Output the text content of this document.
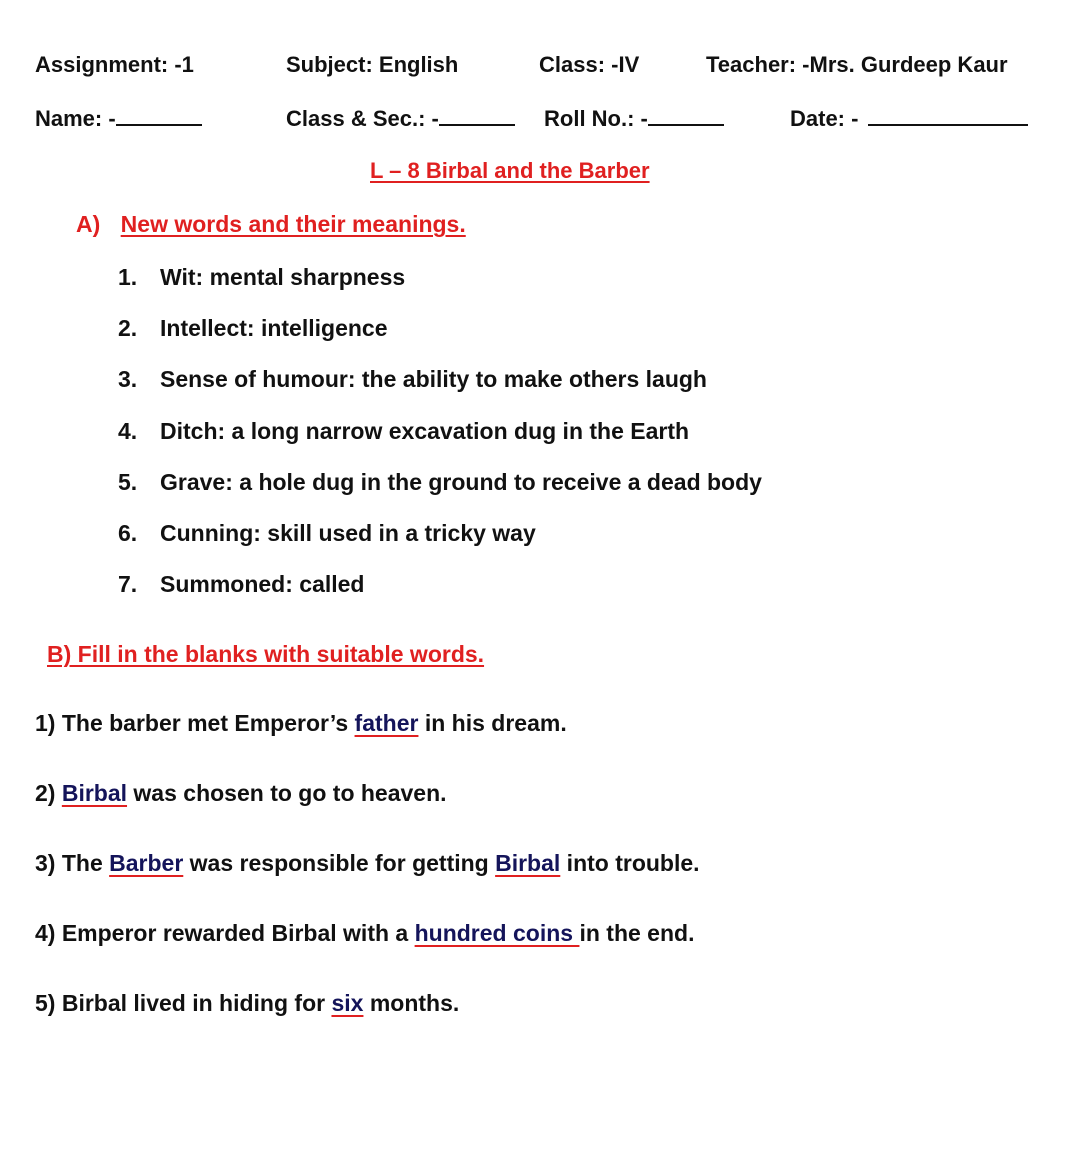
Assignment: -1	Subject: English	Class: -IV	Teacher: -Mrs. Gurdeep Kaur
Name: -	Class & Sec.: -	Roll No.: -	Date: -
L – 8 Birbal and the Barber
A) New words and their meanings.
1. Wit: mental sharpness
2. Intellect: intelligence
3. Sense of humour: the ability to make others laugh
4. Ditch: a long narrow excavation dug in the Earth
5. Grave: a hole dug in the ground to receive a dead body
6. Cunning: skill used in a tricky way
7. Summoned: called
B) Fill in the blanks with suitable words.
1) The barber met Emperor’s father in his dream.
2) Birbal was chosen to go to heaven.
3) The Barber was responsible for getting Birbal into trouble.
4) Emperor rewarded Birbal with a hundred coins in the end.
5) Birbal lived in hiding for six months.
